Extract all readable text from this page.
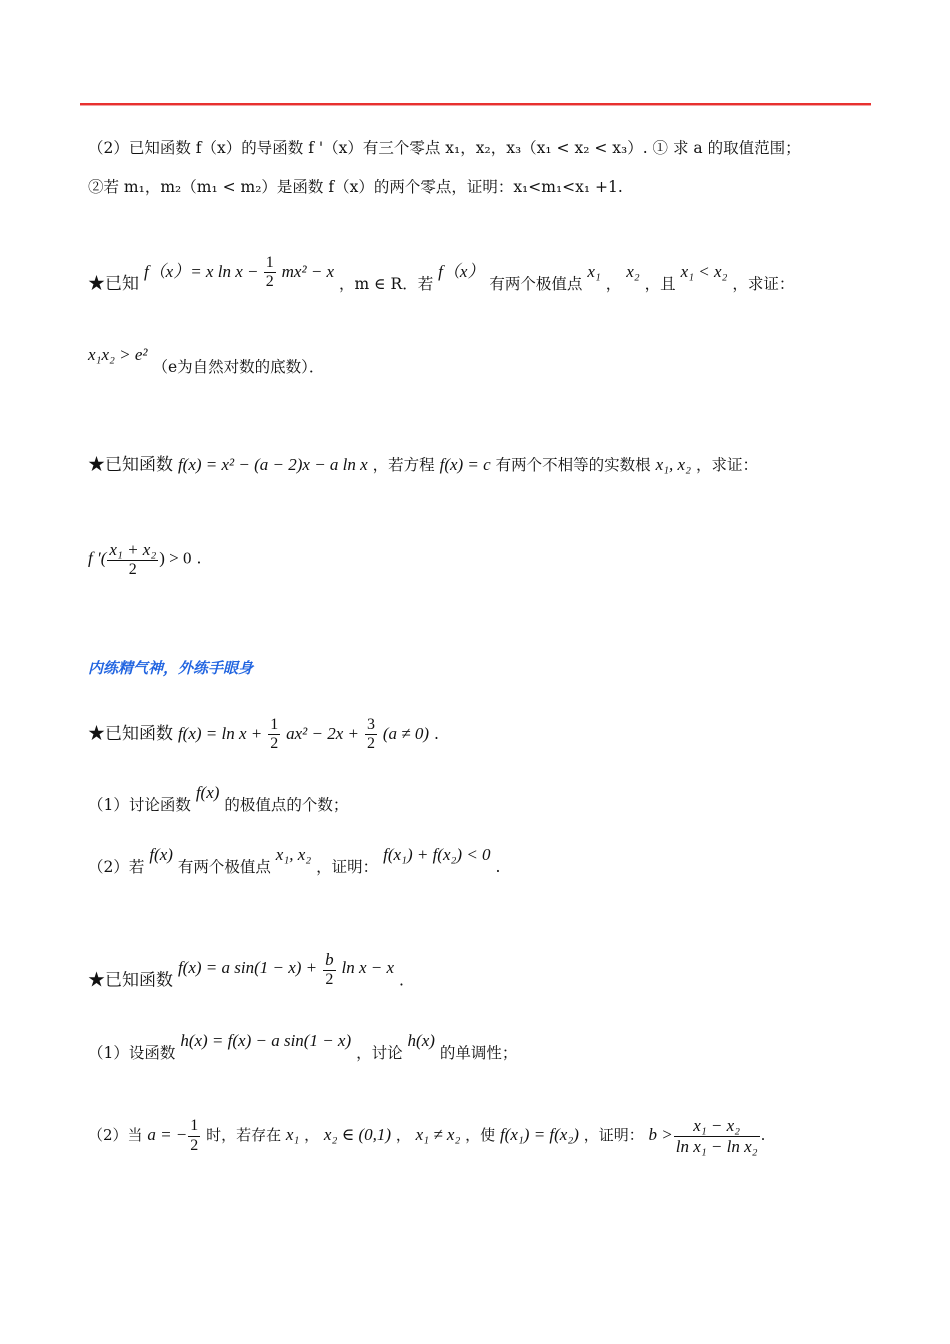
（2）已知函数 f（x）的导函数 f '（x）有三个零点 x₁，x₂，x₃（x₁ < x₂ < x₃）. ① 求 a 的取值范围；
②若 m₁，m₂（m₁ < m₂）是函数 f（x）的两个零点，证明：x₁<m₁<x₁ +1.
★已知 f（x）= x $\ln x - \frac{1}{2} mx^2 - x$ ，m ∈ R．若 f（x） 有两个极值点 x₁ ， x₂ ，且 x₁ < x₂ ，求证：
x₁x₂ > e² （e为自然对数的底数）．
★已知函数 f(x) = x² − (a − 2)x − a ln x ，若方程 f(x) = c 有两个不相等的实数根 x₁, x₂ ，求证：
f ′( $\frac{\text{x₁ + x₂}}{2}$ ) > 0 .
内练精气神，外练手眼身
★已知函数 $f(x) = \ln x + \frac{1}{2} ax^2 - 2x + \frac{3}{2} (a \ne 0)$ .
（1）讨论函数 f(x) 的极值点的个数；
（2）若 f(x) 有两个极值点 x₁, x₂ ，证明： f(x₁) + f(x₂) < 0 .
★已知函数 f(x) = a $\sin(1 - x) + \frac{b}{2}$ ln x − x .
（1）设函数 h(x) = f(x) − a sin(1 − x) ，讨论 h(x) 的单调性；
（2）当 a = − $\frac{1}{2}$ 时，若存在 x₁ ， x₂ ∈ (0,1) ， x₁ ≠ x₂ ，使 f(x₁) = f(x₂) ，证明： $b > \frac{\text{x₁ − x₂}}{\text{ln x₁ − ln x₂}}$ .
